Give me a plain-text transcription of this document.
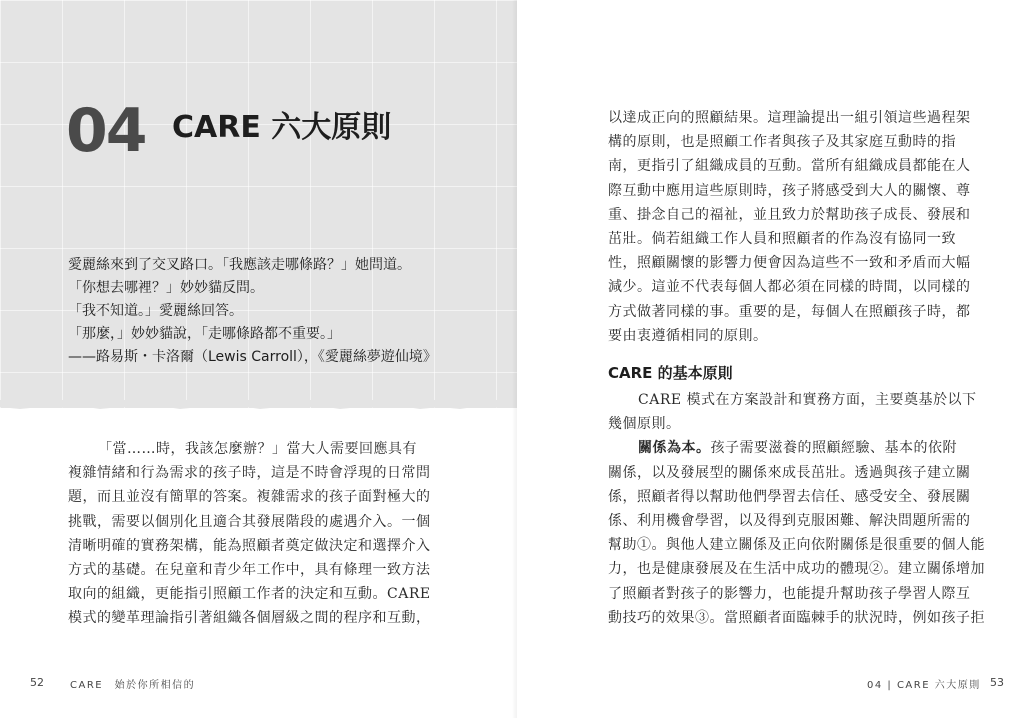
04 CARE 六大原則
愛麗絲來到了交叉路口。「我應該走哪條路？」她問道。
「你想去哪裡？」妙妙貓反問。
「我不知道。」愛麗絲回答。
「那麼，」妙妙貓說，「走哪條路都不重要。」
——路易斯・卡洛爾（Lewis Carroll），《愛麗絲夢遊仙境》
「當……時，我該怎麼辦？」當大人需要回應具有
複雜情緒和行為需求的孩子時，這是不時會浮現的日常問
題，而且並沒有簡單的答案。複雜需求的孩子面對極大的
挑戰，需要以個別化且適合其發展階段的處遇介入。一個
清晰明確的實務架構，能為照顧者奠定做決定和選擇介入
方式的基礎。在兒童和青少年工作中，具有條理一致方法
取向的組織，更能指引照顧工作者的決定和互動。CARE
模式的變革理論指引著組織各個層級之間的程序和互動，
52	CARE　始於你所相信的
以達成正向的照顧結果。這理論提出一組引領這些過程架
構的原則，也是照顧工作者與孩子及其家庭互動時的指
南，更指引了組織成員的互動。當所有組織成員都能在人
際互動中應用這些原則時，孩子將感受到大人的關懷、尊
重、掛念自己的福祉，並且致力於幫助孩子成長、發展和
茁壯。倘若組織工作人員和照顧者的作為沒有協同一致
性，照顧關懷的影響力便會因為這些不一致和矛盾而大幅
減少。這並不代表每個人都必須在同樣的時間，以同樣的
方式做著同樣的事。重要的是，每個人在照顧孩子時，都
要由衷遵循相同的原則。
CARE 的基本原則
CARE 模式在方案設計和實務方面，主要奠基於以下
幾個原則。
關係為本。孩子需要滋養的照顧經驗、基本的依附
關係，以及發展型的關係來成長茁壯。透過與孩子建立關
係，照顧者得以幫助他們學習去信任、感受安全、發展關
係、利用機會學習，以及得到克服困難、解決問題所需的
幫助①。與他人建立關係及正向依附關係是很重要的個人能
力，也是健康發展及在生活中成功的體現②。建立關係增加
了照顧者對孩子的影響力，也能提升幫助孩子學習人際互
動技巧的效果③。當照顧者面臨棘手的狀況時，例如孩子拒
04 | CARE 六大原則 53
